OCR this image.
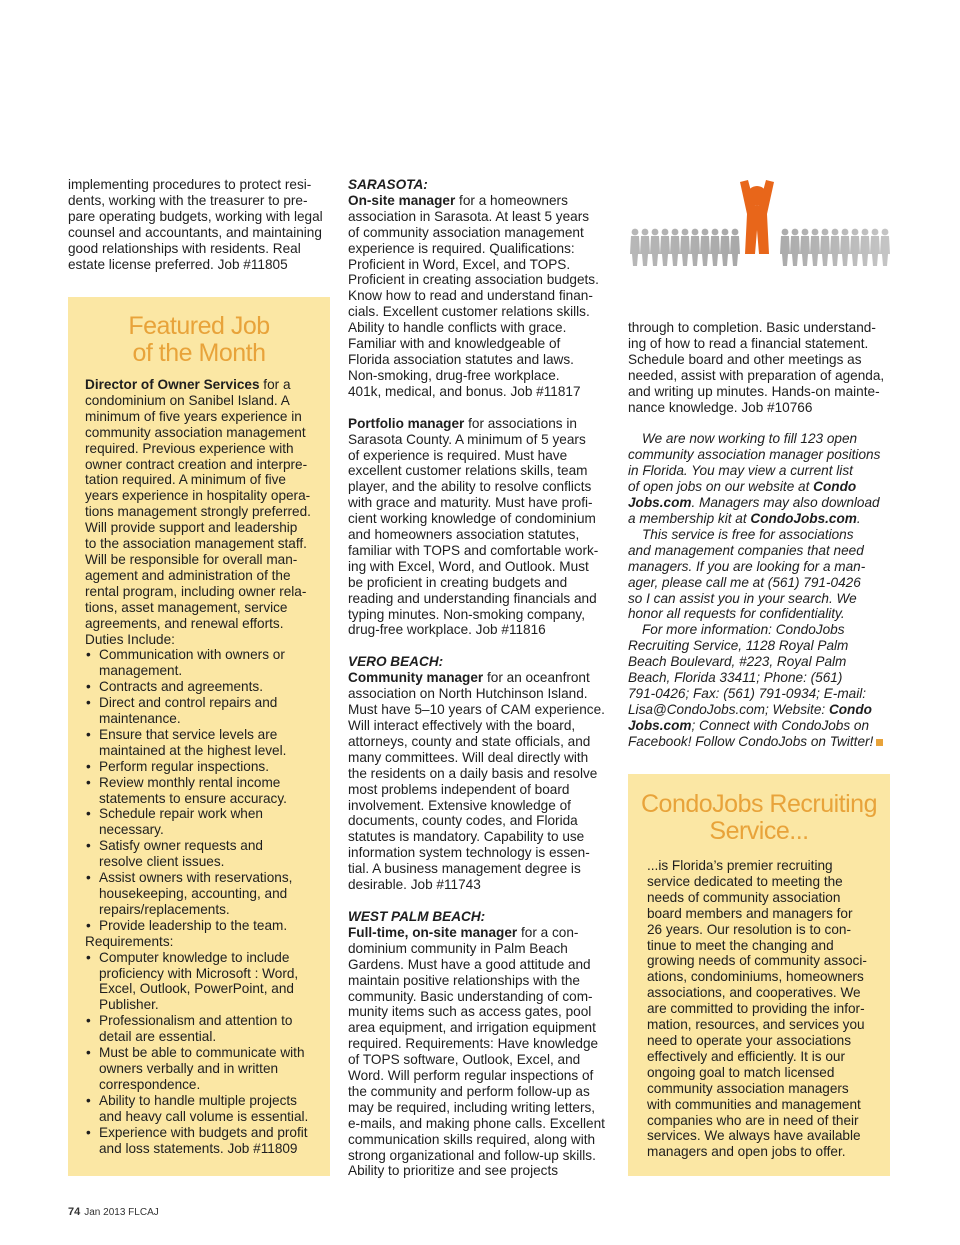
implementing procedures to protect resi-

dents, working with the treasurer to pre-

pare operating budgets, working with legal

counsel and accountants, and maintaining

good relationships with residents. Real

estate license preferred. Job #11805

Featured Job
of the Month

Director of Owner Services for a

condominium on Sanibel Island. A

minimum of five years experience in

community association management

required. Previous experience with

owner contract creation and interpre-

tation required. A minimum of five

years experience in hospitality opera-

tions management strongly preferred.

Will provide support and leadership

to the association management staff.

Will be responsible for overall man-

agement and administration of the

rental program, including owner rela-

tions, asset management, service

agreements, and renewal efforts.

Duties Include:

• Communication with owners or
management.
• Contracts and agreements.
• Direct and control repairs and
maintenance.
• Ensure that service levels are
maintained at the highest level.
• Perform regular inspections.
• Review monthly rental income
statements to ensure accuracy.
• Schedule repair work when
necessary.
• Satisfy owner requests and
resolve client issues.
• Assist owners with reservations,
housekeeping, accounting, and
repairs/replacements.
• Provide leadership to the team.

Requirements:

• Computer knowledge to include
proficiency with Microsoft : Word,
Excel, Outlook, PowerPoint, and
Publisher.
• Professionalism and attention to
detail are essential.
• Must be able to communicate with
owners verbally and in written
correspondence.
• Ability to handle multiple projects
and heavy call volume is essential.
• Experience with budgets and profit
and loss statements. Job #11809

SARASOTA:

On-site manager for a homeowners

association in Sarasota. At least 5 years

of community association management

experience is required. Qualifications:

Proficient in Word, Excel, and TOPS.

Proficient in creating association budgets.

Know how to read and understand finan-

cials. Excellent customer relations skills.

Ability to handle conflicts with grace.

Familiar with and knowledgeable of

Florida association statutes and laws.

Non-smoking, drug-free workplace.

401k, medical, and bonus. Job #11817

Portfolio manager for associations in

Sarasota County. A minimum of 5 years

of experience is required. Must have

excellent customer relations skills, team

player, and the ability to resolve conflicts

with grace and maturity. Must have profi-

cient working knowledge of condominium

and homeowners association statutes,

familiar with TOPS and comfortable work-

ing with Excel, Word, and Outlook. Must

be proficient in creating budgets and

reading and understanding financials and

typing minutes. Non-smoking company,

drug-free workplace. Job #11816

VERO BEACH:

Community manager for an oceanfront

association on North Hutchinson Island.

Must have 5–10 years of CAM experience.

Will interact effectively with the board,

attorneys, county and state officials, and

many committees. Will deal directly with

the residents on a daily basis and resolve

most problems independent of board

involvement. Extensive knowledge of

documents, county codes, and Florida

statutes is mandatory. Capability to use

information system technology is essen-

tial. A business management degree is

desirable. Job #11743

WEST PALM BEACH:

Full-time, on-site manager for a con-

dominium community in Palm Beach

Gardens. Must have a good attitude and

maintain positive relationships with the

community. Basic understanding of com-

munity items such as access gates, pool

area equipment, and irrigation equipment

required. Requirements: Have knowledge

of TOPS software, Outlook, Excel, and

Word. Will perform regular inspections of

the community and perform follow-up as

may be required, including writing letters,

e-mails, and making phone calls. Excellent

communication skills required, along with

strong organizational and follow-up skills.

Ability to prioritize and see projects

through to completion. Basic understand-

ing of how to read a financial statement.

Schedule board and other meetings as

needed, assist with preparation of agenda,

and writing up minutes. Hands-on mainte-

nance knowledge. Job #10766

We are now working to fill 123 open

community association manager positions

in Florida. You may view a current list

of open jobs on our website at Condo

Jobs.com. Managers may also download

a membership kit at CondoJobs.com.

This service is free for associations

and management companies that need

managers. If you are looking for a man-

ager, please call me at (561) 791-0426

so I can assist you in your search. We

honor all requests for confidentiality.

For more information: CondoJobs

Recruiting Service, 1128 Royal Palm

Beach Boulevard, #223, Royal Palm

Beach, Florida 33411; Phone: (561)

791-0426; Fax: (561) 791-0934; E-mail:

Lisa@CondoJobs.com; Website: Condo

Jobs.com; Connect with CondoJobs on

Facebook! Follow CondoJobs on Twitter!

CondoJobs Recruiting
Service...

...is Florida’s premier recruiting

service dedicated to meeting the

needs of community association

board members and managers for

26 years. Our resolution is to con-

tinue to meet the changing and

growing needs of community associ-

ations, condominiums, homeowners

associations, and cooperatives. We

are committed to providing the infor-

mation, resources, and services you

need to operate your associations

effectively and efficiently. It is our

ongoing goal to match licensed

community association managers

with communities and management

companies who are in need of their

services. We always have available

managers and open jobs to offer.

74 Jan 2013 FLCAJ
